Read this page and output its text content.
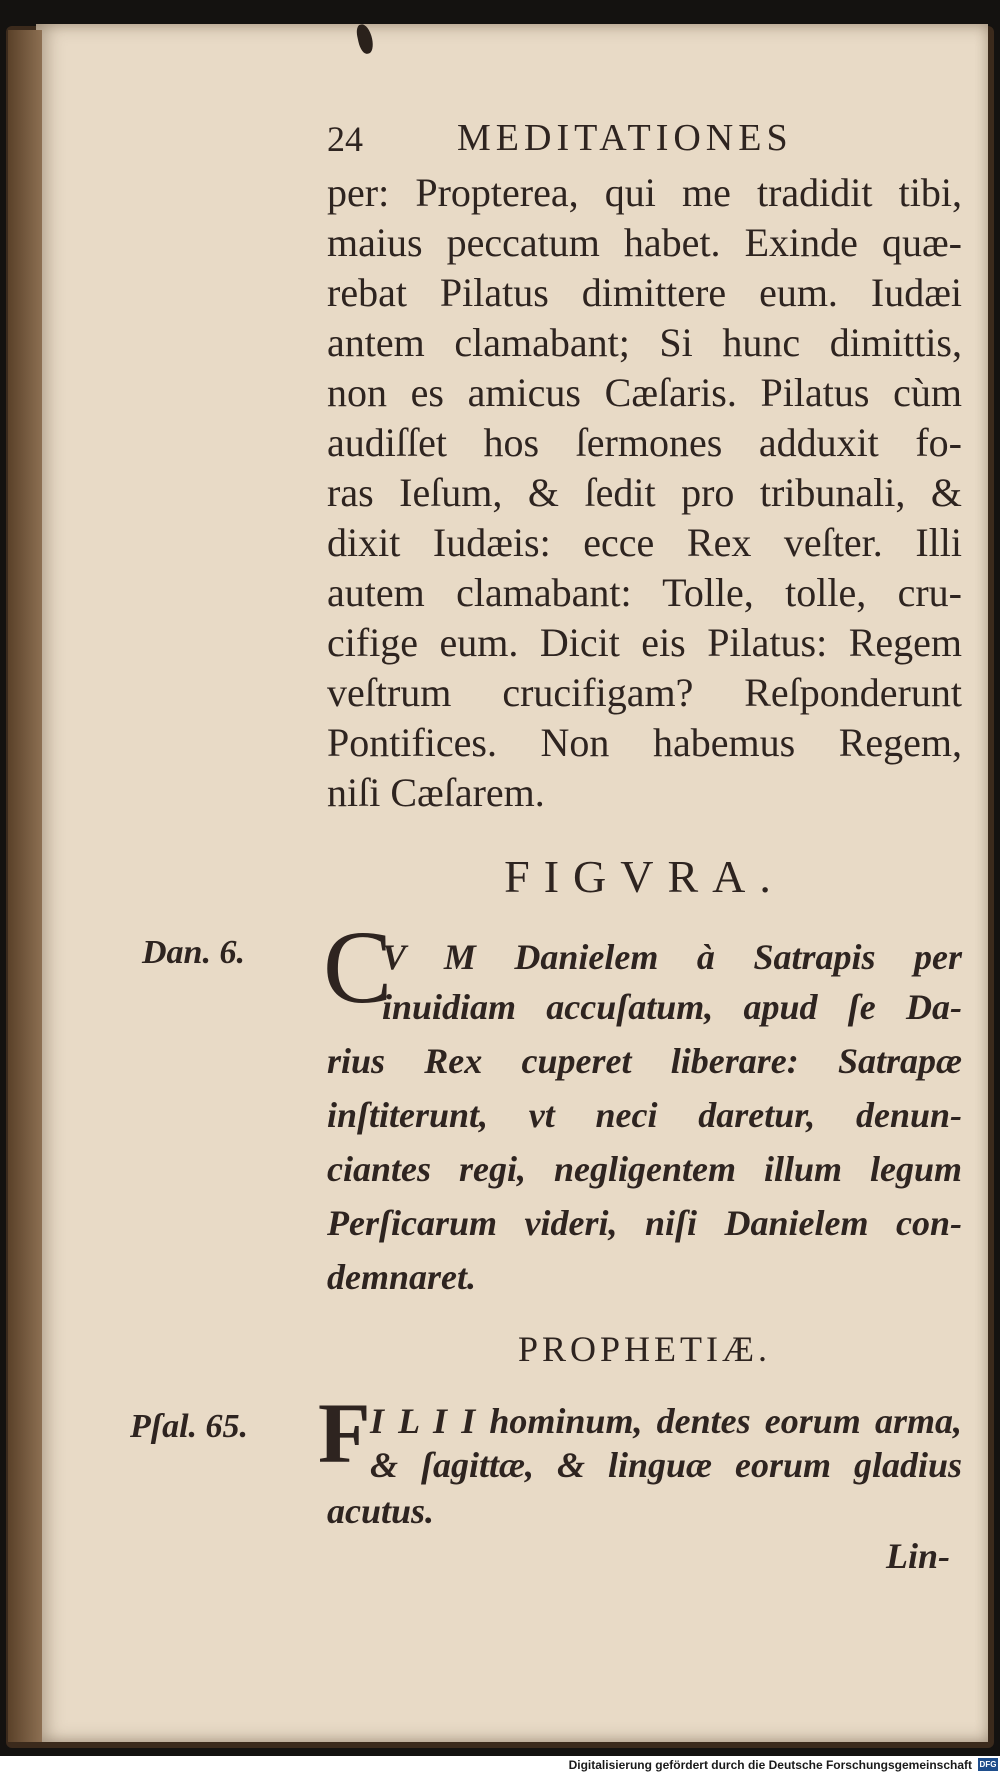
24 MEDITATIONES
per: Propterea, qui me tradidit tibi,
maius peccatum habet. Exinde quæ-
rebat Pilatus dimittere eum. Iudæi
antem clamabant; Si hunc dimittis,
non es amicus Cæſaris. Pilatus cùm
audiſſet hos ſermones adduxit fo-
ras Ieſum, & ſedit pro tribunali, &
dixit Iudæis: ecce Rex veſter. Illi
autem clamabant: Tolle, tolle, cru-
cifige eum. Dicit eis Pilatus: Regem
veſtrum crucifigam? Reſponderunt
Pontifices. Non habemus Regem,
niſi Cæſarem.
FIGVRA.
Dan. 6. C
V M Danielem à Satrapis per
inuidiam accuſatum, apud ſe Da-
rius Rex cuperet liberare: Satrapæ
inſtiterunt, vt neci daretur, denun-
ciantes regi, negligentem illum legum
Perſicarum videri, niſi Danielem con-
demnaret.
PROPHETIÆ.
Pſal. 65. F I L I I hominum, dentes eorum arma,
& ſagittæ, & linguæ eorum gladius
acutus.
Lin-
Digitalisierung gefördert durch die Deutsche Forschungsgemeinschaft DFG
